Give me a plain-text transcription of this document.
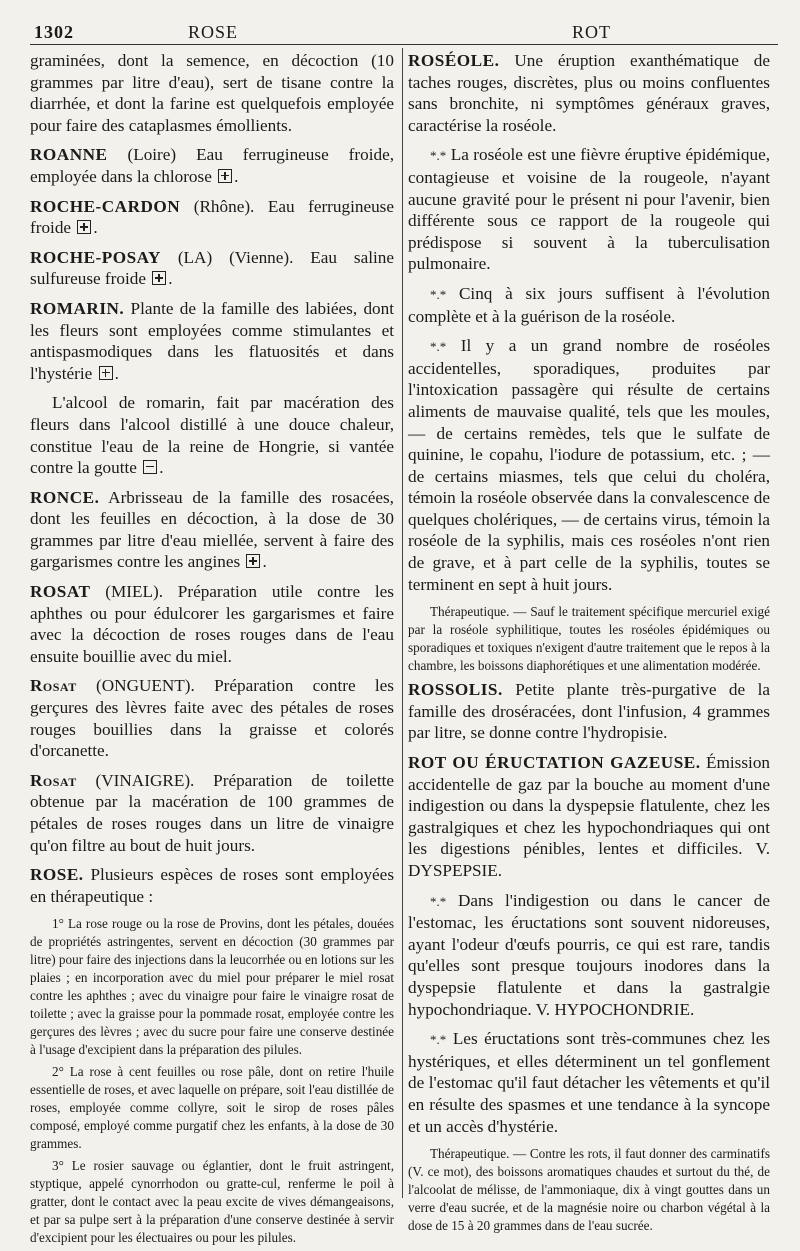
1302	ROSE	ROT

graminées, dont la semence, en décoction (10 grammes par litre d'eau), sert de tisane contre la diarrhée, et dont la farine est quelquefois employée pour faire des cataplasmes émollients.

ROANNE (Loire) Eau ferrugineuse froide, employée dans la chlorose .

ROCHE-CARDON (Rhône). Eau ferrugineuse froide .

ROCHE-POSAY (LA) (Vienne). Eau saline sulfureuse froide .

ROMARIN. Plante de la famille des labiées, dont les fleurs sont employées comme stimulantes et antispasmodiques dans les flatuosités et dans l'hystérie .

L'alcool de romarin, fait par macération des fleurs dans l'alcool distillé à une douce chaleur, constitue l'eau de la reine de Hongrie, si vantée contre la goutte .

RONCE. Arbrisseau de la famille des rosacées, dont les feuilles en décoction, à la dose de 30 grammes par litre d'eau miellée, servent à faire des gargarismes contre les angines .

ROSAT (MIEL). Préparation utile contre les aphthes ou pour édulcorer les gargarismes et faire avec la décoction de roses rouges dans de l'eau ensuite bouillie avec du miel.

Rosat (ONGUENT). Préparation contre les gerçures des lèvres faite avec des pétales de roses rouges bouillies dans la graisse et colorés d'orcanette.

Rosat (VINAIGRE). Préparation de toilette obtenue par la macération de 100 grammes de pétales de roses rouges dans un litre de vinaigre qu'on filtre au bout de huit jours.

ROSE. Plusieurs espèces de roses sont employées en thérapeutique :

1° La rose rouge ou la rose de Provins, dont les pétales, douées de propriétés astringentes, servent en décoction (30 grammes par litre) pour faire des injections dans la leucorrhée ou en lotions sur les plaies ; en incorporation avec du miel pour préparer le miel rosat contre les aphthes ; avec du vinaigre pour faire le vinaigre rosat de toilette ; avec la graisse pour la pommade rosat, employée contre les gerçures des lèvres ; avec du sucre pour faire une conserve destinée à l'usage d'excipient dans la préparation des pilules.

2° La rose à cent feuilles ou rose pâle, dont on retire l'huile essentielle de roses, et avec laquelle on prépare, soit l'eau distillée de roses, employée comme collyre, soit le sirop de roses pâles composé, employé comme purgatif chez les enfants, à la dose de 30 grammes.

3° Le rosier sauvage ou églantier, dont le fruit astringent, styptique, appelé cynorrhodon ou gratte-cul, renferme le poil à gratter, dont le contact avec la peau excite de vives démangeaisons, et par sa pulpe sert à la préparation d'une conserve destinée à servir d'excipient pour les électuaires ou pour les pilules.

ROSÉOLE. Une éruption exanthématique de taches rouges, discrètes, plus ou moins confluentes sans bronchite, ni symptômes généraux graves, caractérise la roséole.

*.* La roséole est une fièvre éruptive épidémique, contagieuse et voisine de la rougeole, n'ayant aucune gravité pour le présent ni pour l'avenir, bien différente sous ce rapport de la rougeole qui prédispose si souvent à la tuberculisation pulmonaire.

*.* Cinq à six jours suffisent à l'évolution complète et à la guérison de la roséole.

*.* Il y a un grand nombre de roséoles accidentelles, sporadiques, produites par l'intoxication passagère qui résulte de certains aliments de mauvaise qualité, tels que les moules, — de certains remèdes, tels que le sulfate de quinine, le copahu, l'iodure de potassium, etc. ; — de certains miasmes, tels que celui du choléra, témoin la roséole observée dans la convalescence de quelques cholériques, — de certains virus, témoin la roséole de la syphilis, mais ces roséoles n'ont rien de grave, et à part celle de la syphilis, toutes se terminent en sept à huit jours.

Thérapeutique. — Sauf le traitement spécifique mercuriel exigé par la roséole syphilitique, toutes les roséoles épidémiques ou sporadiques et toxiques n'exigent d'autre traitement que le repos à la chambre, les boissons diaphorétiques et une alimentation modérée.

ROSSOLIS. Petite plante très-purgative de la famille des droséracées, dont l'infusion, 4 grammes par litre, se donne contre l'hydropisie.

ROT OU ÉRUCTATION GAZEUSE. Émission accidentelle de gaz par la bouche au moment d'une indigestion ou dans la dyspepsie flatulente, chez les gastralgiques et chez les hypochondriaques qui ont les digestions pénibles, lentes et difficiles. V. DYSPEPSIE.

*.* Dans l'indigestion ou dans le cancer de l'estomac, les éructations sont souvent nidoreuses, ayant l'odeur d'œufs pourris, ce qui est rare, tandis qu'elles sont presque toujours inodores dans la dyspepsie flatulente et dans la gastralgie hypochondriaque. V. HYPOCHONDRIE.

*.* Les éructations sont très-communes chez les hystériques, et elles déterminent un tel gonflement de l'estomac qu'il faut détacher les vêtements et qu'il en résulte des spasmes et une tendance à la syncope et un accès d'hystérie.

Thérapeutique. — Contre les rots, il faut donner des carminatifs (V. ce mot), des boissons aromatiques chaudes et surtout du thé, de l'alcoolat de mélisse, de l'ammoniaque, dix à vingt gouttes dans un verre d'eau sucrée, et de la magnésie noire ou charbon végétal à la dose de 15 à 20 grammes dans de l'eau sucrée.
